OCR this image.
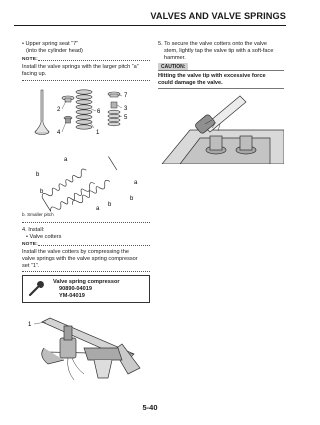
VALVES AND VALVE SPRINGS
• Upper spring seat “7”
(into the cylinder head)
NOTE:
Install the valve springs with the larger pitch “a”
facing up.
1
2	3
4
5
6
7
a
b
b
a
b
b
a
b. Smaller pitch
4. Install:
• Valve cotters
NOTE:
Install the valve cotters by compressing the
valve springs with the valve spring compressor
set “1”.
Valve spring compressor
90890-04019
YM-04019
1
5. To secure the valve cotters onto the valve
stem, lightly tap the valve tip with a soft-face
hammer.
CAUTION:
Hitting the valve tip with excessive force
could damage the valve.
5-40
